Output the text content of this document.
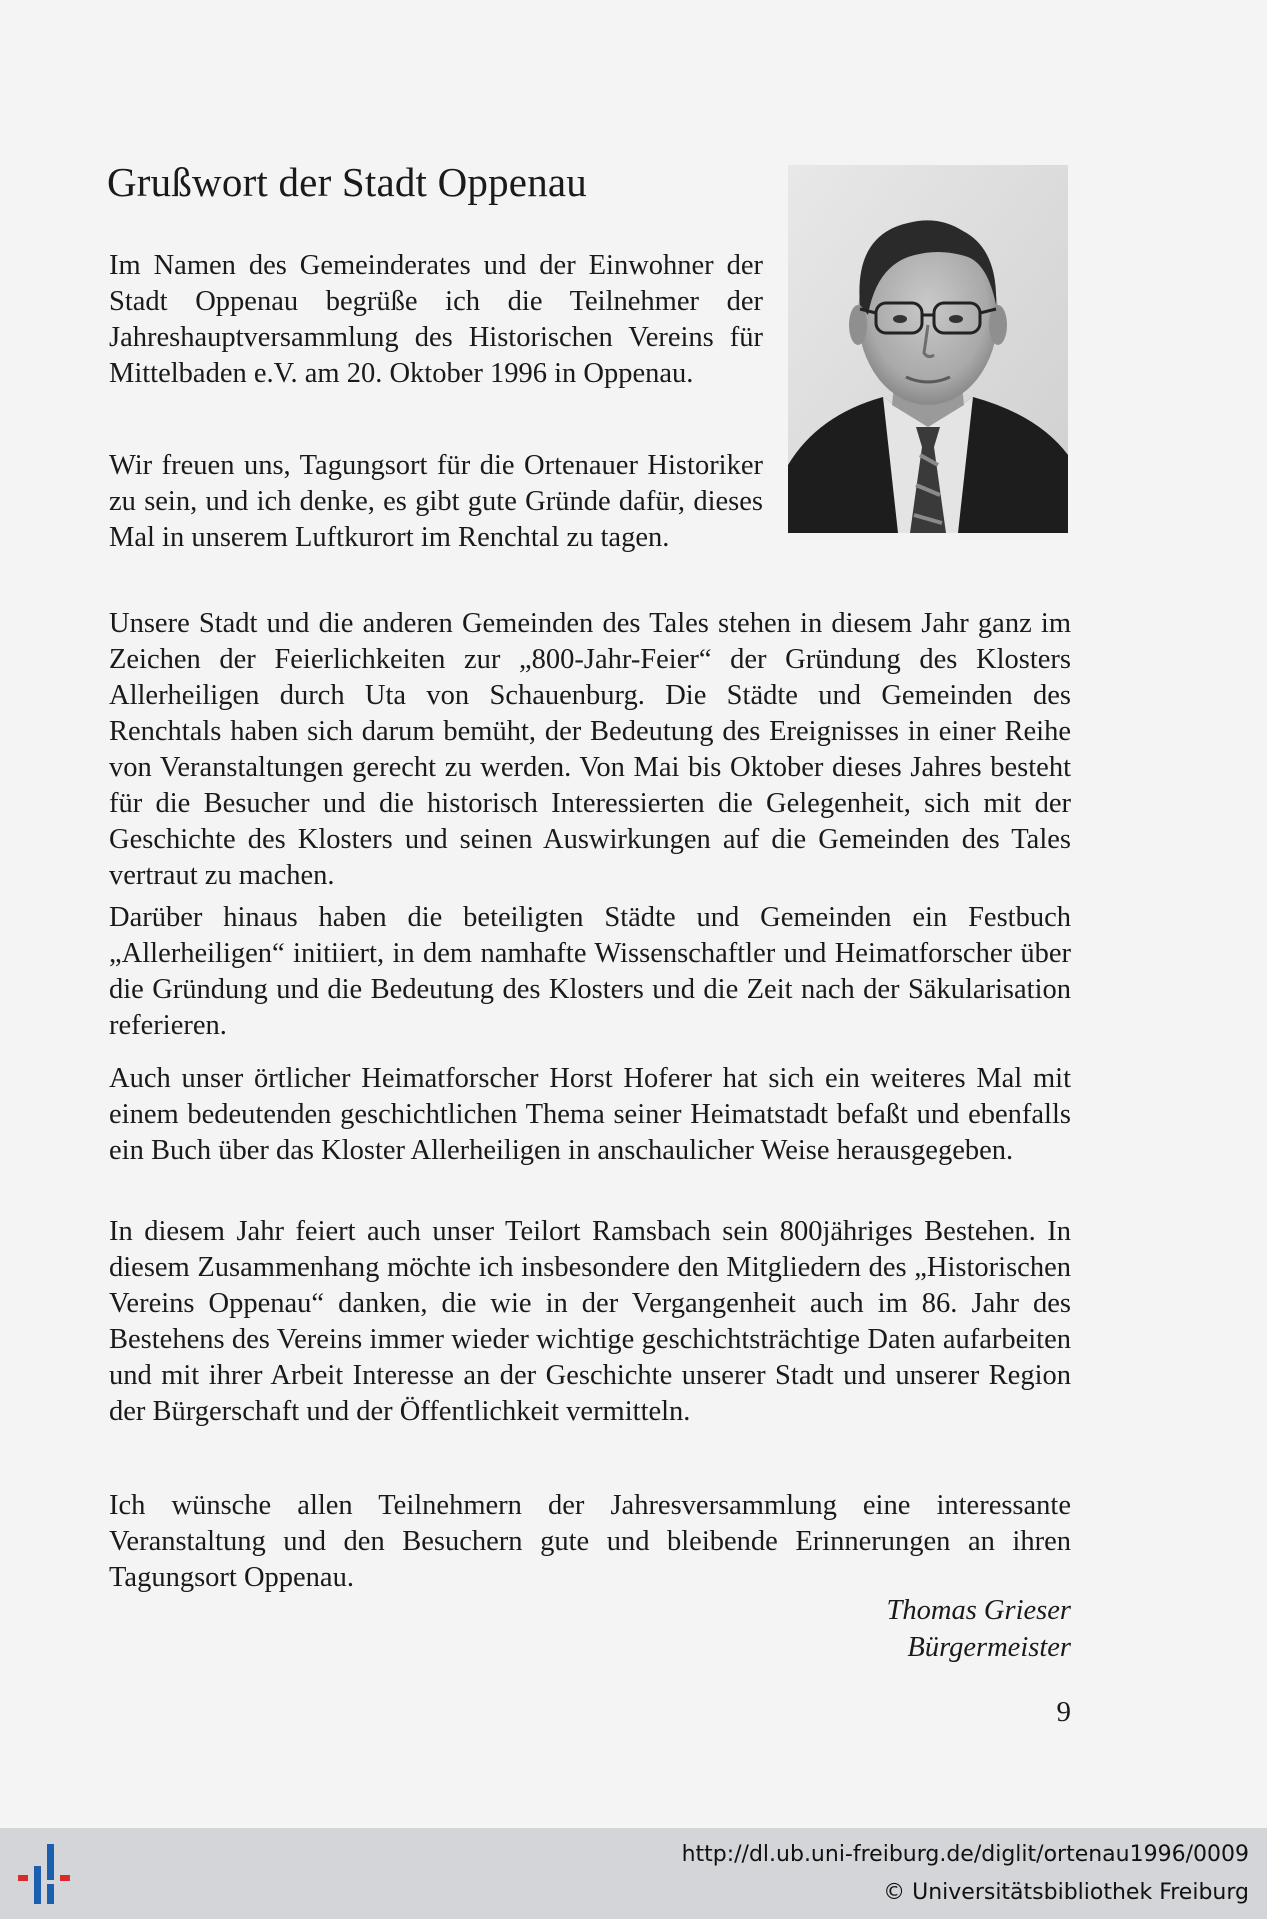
Grußwort der Stadt Oppenau

Im Namen des Gemeinderates und der Einwohner der Stadt Oppenau begrüße ich die Teilnehmer der Jahreshauptversammlung des Historischen Vereins für Mittelbaden e.V. am 20. Oktober 1996 in Oppenau.

Wir freuen uns, Tagungsort für die Ortenauer Historiker zu sein, und ich denke, es gibt gute Gründe dafür, dieses Mal in unserem Luftkurort im Renchtal zu tagen.

Unsere Stadt und die anderen Gemeinden des Tales stehen in diesem Jahr ganz im Zeichen der Feierlichkeiten zur „800-Jahr-Feier“ der Gründung des Klosters Allerheiligen durch Uta von Schauenburg. Die Städte und Gemeinden des Renchtals haben sich darum bemüht, der Bedeutung des Ereignisses in einer Reihe von Veranstaltungen gerecht zu werden. Von Mai bis Oktober dieses Jahres besteht für die Besucher und die historisch Interessierten die Gelegenheit, sich mit der Geschichte des Klosters und seinen Auswirkungen auf die Gemeinden des Tales vertraut zu machen.

Darüber hinaus haben die beteiligten Städte und Gemeinden ein Festbuch „Allerheiligen“ initiiert, in dem namhafte Wissenschaftler und Heimatforscher über die Gründung und die Bedeutung des Klosters und die Zeit nach der Säkularisation referieren.

Auch unser örtlicher Heimatforscher Horst Hoferer hat sich ein weiteres Mal mit einem bedeutenden geschichtlichen Thema seiner Heimatstadt befaßt und ebenfalls ein Buch über das Kloster Allerheiligen in anschaulicher Weise herausgegeben.

In diesem Jahr feiert auch unser Teilort Ramsbach sein 800jähriges Bestehen. In diesem Zusammenhang möchte ich insbesondere den Mitgliedern des „Historischen Vereins Oppenau“ danken, die wie in der Vergangenheit auch im 86. Jahr des Bestehens des Vereins immer wieder wichtige geschichtsträchtige Daten aufarbeiten und mit ihrer Arbeit Interesse an der Geschichte unserer Stadt und unserer Region der Bürgerschaft und der Öffentlichkeit vermitteln.

Ich wünsche allen Teilnehmern der Jahresversammlung eine interessante Veranstaltung und den Besuchern gute und bleibende Erinnerungen an ihren Tagungsort Oppenau.

Thomas Grieser
Bürgermeister
9
http://dl.ub.uni-freiburg.de/diglit/ortenau1996/0009
© Universitätsbibliothek Freiburg
